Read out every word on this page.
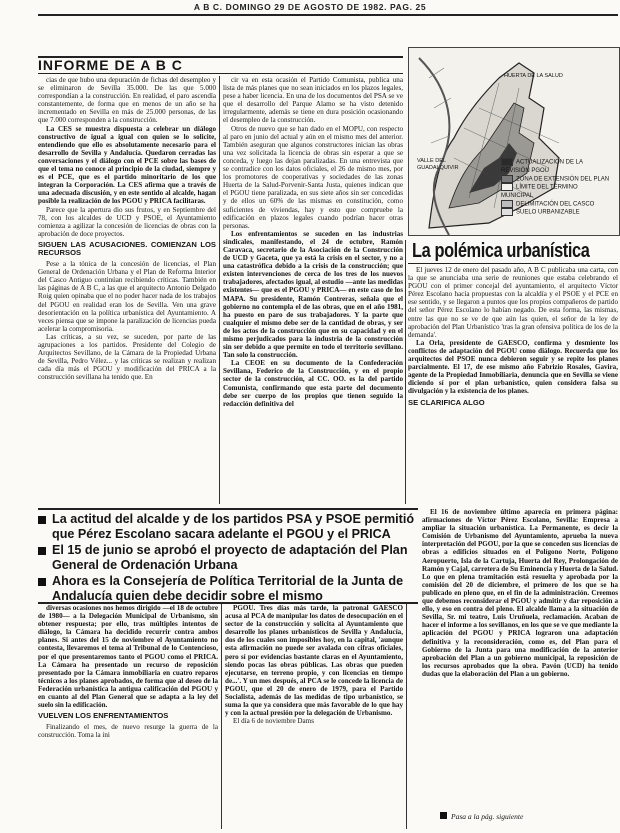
A B C. DOMINGO 29 DE AGOSTO DE 1982. PAG. 25
HUERTA DE LA SALUD
VALLE DEL GUADALQUIVIR
ACTUALIZACIÓN DE LA REVISIÓN PGOU
ZONA DE EXTENSIÓN DEL PLAN
LÍMITE DEL TÉRMINO MUNICIPAL
DELIMITACIÓN DEL CASCO
SUELO URBANIZABLE
INFORME DE A B C

cias de que hubo una depuración de fichas del desempleo y se eliminaron de Sevilla 35.000. De las que 5.000 correspondían a la construcción. En realidad, el paro ascendía constantemente, de forma que en menos de un año se ha incrementado en Sevilla en más de 25.000 personas, de las que 7.000 corresponden a la construcción.

La CES se muestra dispuesta a celebrar un diálogo constructivo de igual a igual con quien se lo solicite, entendiendo que ello es absolutamente necesario para el desarrollo de Sevilla y Andalucía. Quedaron cerradas las conversaciones y el diálogo con el PCE sobre las bases de que el tema no conoce al principio de la ciudad, siempre y es el PCE, que es el partido minoritario de los que integran la Corporación. La CES afirma que a través de una adecuada discusión, y en este sentido al alcalde, hagan posible la realización de los PGOU y PRICA facilitaras.

Parece que la apertura dio sus frutos, y en Septiembre del 78, con los alcaldes de UCD y PSOE, el Ayuntamiento comienza a agilizar la concesión de licencias de obras con la aprobación de doce proyectos.

SIGUEN LAS ACUSACIONES. COMIENZAN LOS RECURSOS

Pese a la tónica de la concesión de licencias, el Plan General de Ordenación Urbana y el Plan de Reforma Interior del Casco Antiguo continúan recibiendo críticas. También en las páginas de A B C, a las que el arquitecto Antonio Delgado Roig quien opinaba que el no poder hacer nada de los trabajos del PGOU en realidad eran los de Sevilla. Ven una grave desorientación en la política urbanística del Ayuntamiento. A veces piensa que se impone la paralización de licencias pueda acelerar la compromisoria.

Las críticas, a su vez, se suceden, por parte de las agrupaciones a los partidos. Presidente del Colegio de Arquitectos Sevillano, de la Cámara de la Propiedad Urbana de Sevilla, Pedro Vélez... y las críticas se realizan y realizan cada día más el PGOU y modificación del PRICA a la construcción sevillana ha tenido que. En

cir va en esta ocasión el Partido Comunista, publica una lista de más planes que no sean iniciados en los plazos legales, pese a haber licencia. En una de los documentos del PSA se ve que el desarrollo del Parque Alamo se ha visto detenido irregularmente, además se tiene en dura posición ocasionando el desempleo de la construcción.

Otros de nuevo que se han dado en el MOPU, con respecto al paro en junio del actual y aún en el mismo mes del anterior. También aseguran que algunos constructores inician las obras una vez solicitada la licencia de obras sin esperar a que se conceda, y luego las dejan paralizadas. En una entrevista que se contradice con los datos oficiales, el 26 de mismo mes, por los promotores de cooperativas y sociedades de las zonas Huerta de la Salud-Porvenir-Santa Justa, quienes indican que el PGOU tiene paralizada, en sus siete años sin ser concedidas y de ellos un 60% de las mismas en constitución, como suficientes de viviendas, hay y esto que compruebe la edificación en plazos legales cuando podrían hacer otras personas.

Los enfrentamientos se suceden en las industrias sindicales, manifestando, el 24 de octubre, Ramón Caravaca, secretario de la Asociación de la Construcción de UCD y Gaceta, que ya está la crisis en el sector, y no a una catastrófica debido a la crisis de la construcción; que existen intervenciones de cerca de los tres de los nuevos trabajadores, afectados igual, al estudio —ante las medidas existentes— que es el PGOU y PRICA— en este caso de los MAPA. Su presidente, Ramón Contreras, señala que el gobierno no contempla el de las obras, que en el año 1981, ha puesto en paro de sus trabajadores. Y la parte que cualquier el mismo debe ser de la cantidad de obras, y ser de los actos de la construcción que en su capacidad y en el mismo perjudicados para la industria de la construcción sin ser debido a que permite en todo el territorio sevillano. Tan solo la construcción.

La CEOE en su documento de la Confederación Sevillana, Federico de la Construcción, y en el propio sector de la construcción, al CC. OO. es la del partido Comunista, confirmando que esta parte del documento debe ser cuerpo de los propios que tienen seguido la redacción definitiva del

La polémica urbanística

El jueves 12 de enero del pasado año, A B C publicaba una carta, con la que se anunciaba una serie de reuniones que estaba celebrando el PGOU con el primer concejal del ayuntamiento, el arquitecto Víctor Pérez Escolano hacía propuestas con la alcaldía y el PSOE y el PCE en ese sentido, y se llegaron a puntos que los propios compañeros de partido del señor Pérez Escolano lo habían negado. De esta forma, las mismas, entre las que no se ve de que aún las quien, el señor de la ley de aprobación del Plan Urbanístico 'tras la gran ofensiva política de los de la demanda'.

La Orla, presidente de GAESCO, confirma y desmiente los conflictos de adaptación del PGOU como diálogo. Recuerda que los arquitectos del PSOE nunca debieron seguir y se repite los planes parcialmente. El 17, de ese mismo año Fabrizio Rosales, Gavira, agente de la Propiedad Inmobiliaria, denuncia que en Sevilla se viene diciendo sí por el plan urbanístico, quien considera falsa su divulgación y la existencia de los planes.

SE CLARIFICA ALGO
La actitud del alcalde y de los partidos PSA y PSOE permitió que Pérez Escolano sacara adelante el PGOU y el PRICA
El 15 de junio se aprobó el proyecto de adaptación del Plan General de Ordenación Urbana
Ahora es la Consejería de Política Territorial de la Junta de Andalucía quien debe decidir sobre el mismo

El 16 de noviembre último aparecía en primera página: afirmaciones de Víctor Pérez Escolano, Sevilla: Empresa a ampliar la situación urbanística. La Permanente, es decir la Comisión de Urbanismo del Ayuntamiento, aprueba la nueva interpretación del PGOU, por la que se conceden sus licencias de obras a edificios situados en el Polígono Norte, Polígono Aeropuerto, Isla de la Cartuja, Huerta del Rey, Prolongación de Ramón y Cajal, carretera de Su Eminencia y Huerta de la Salud. Lo que en plena tramitación está resuelta y aprobada por la comisión del 20 de diciembre, el primero de los que se ha publicado en pleno que, en el fin de la administración. Creemos que debemos reconsiderar el PGOU y admitir y dar reposición a ello, y eso en contra del pleno. El alcalde llama a la situación de Sevilla, Sr. mi teatro, Luis Uruñuela, reclamación. Acaban de hacer el informe a los sevillanos, en los que se ve que mediante la aplicación del PGOU y PRICA lograron una adaptación definitiva y la reconsideración, como es, del Plan para el Gobierno de la Junta para una modificación de la anterior aprobación del Plan a un gobierno municipal, la reposición de los recursos aprobados que la obra. Pavón (UCD) ha tenido dudas que la elaboración del Plan a un gobierno.

diversas ocasiones nos hemos dirigido —el 18 de octubre de 1980— a la Delegación Municipal de Urbanismo, sin obtener respuesta; por ello, tras múltiples intentos de diálogo, la Cámara ha decidido recurrir contra ambos planes. Si antes del 15 de noviembre el Ayuntamiento no contesta, llevaremos el tema al Tribunal de lo Contencioso, por el que presentaremos tanto el PGOU como el PRICA. La Cámara ha presentado un recurso de reposición presentado por la Cámara inmobiliaria en cuatro reparos técnicos a los planes aprobados, de forma que al deseo de la Federación urbanística la antigua calificación del PGOU y en cuanto al del Plan General que se adapta a la ley del suelo sin la edificación.

VUELVEN LOS ENFRENTAMIENTOS

Finalizando el mes, de nuevo resurge la guerra de la construcción. Toma la ini

PGOU. Tres días más tarde, la patronal GAESCO acusa al PCA de manipular los datos de desocupación en el sector de la construcción y solicita al Ayuntamiento que desarrolle los planes urbanísticos de Sevilla y Andalucía, dos de los cuales son imposibles hoy, en la capital, 'aunque esta afirmación no puede ser avalada con cifras oficiales, pero sí por evidencias bastante claras en el Ayuntamiento, siendo pocas las obras públicas. Las obras que pueden ejecutarse, en terreno propio, y con licencias en tiempo de...'. Y un mes después, al PCA se le concede la licencia de PGOU, que el 20 de enero de 1979, para el Partido Socialista, además de las medidas de tipo urbanístico, se suma la que ya considera que más favorable de lo que hay y con la actual presión por la delegación de Urbanismo.

El día 6 de noviembre Dams

Pasa a la pág. siguiente
